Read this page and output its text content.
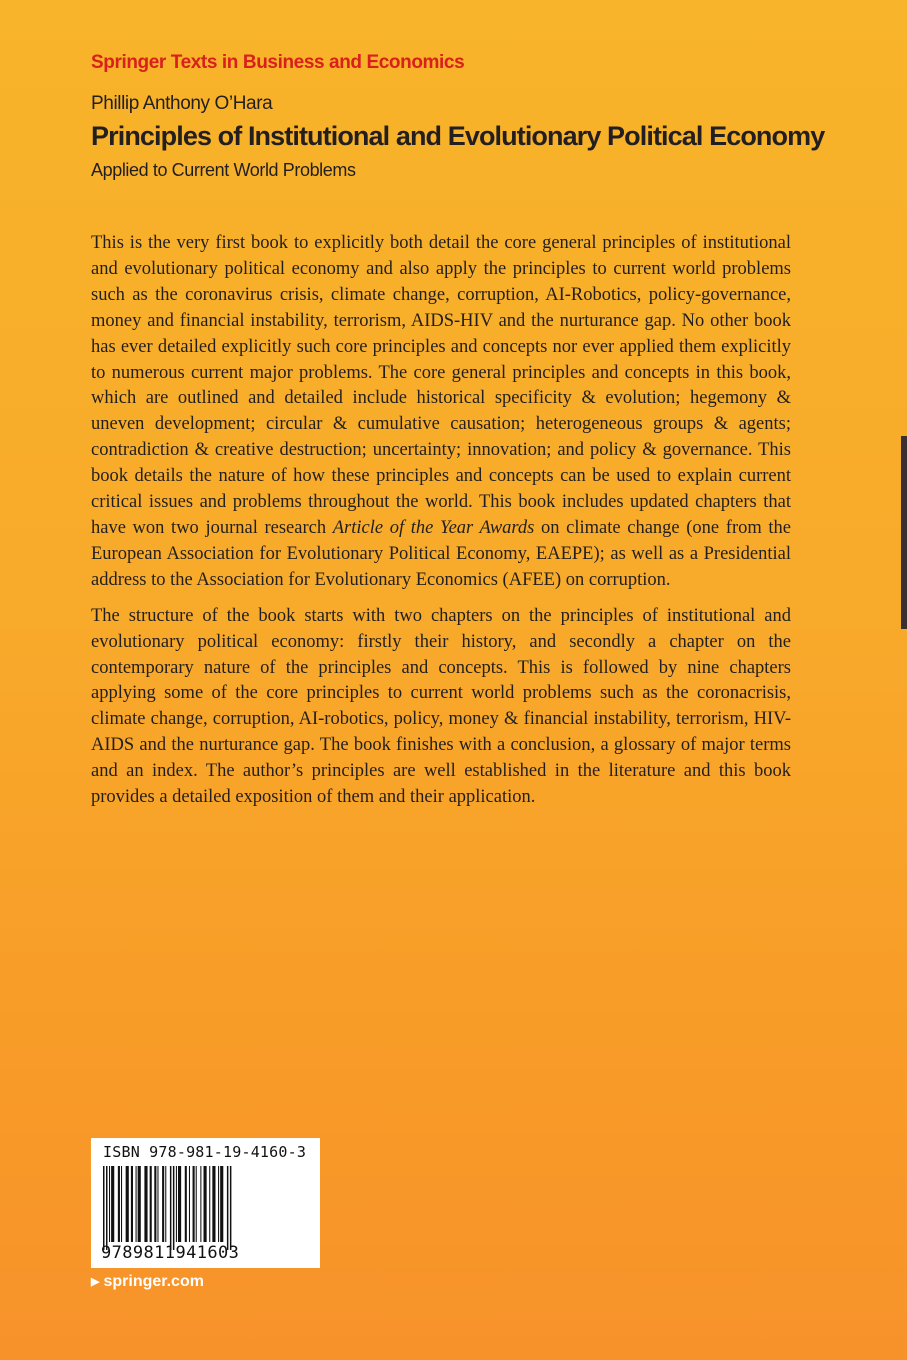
Springer Texts in Business and Economics
Phillip Anthony O’Hara
Principles of Institutional and Evolutionary Political Economy
Applied to Current World Problems

This is the very first book to explicitly both detail the core general principles of institutional and evolutionary political economy and also apply the principles to current world problems such as the coronavirus crisis, climate change, corruption, AI-Robotics, policy-governance, money and financial instability, terrorism, AIDS-HIV and the nurturance gap. No other book has ever detailed explicitly such core principles and concepts nor ever applied them explicitly to numerous current major problems. The core general principles and concepts in this book, which are outlined and detailed include historical specificity & evolution; hegemony & uneven development; circular & cumulative causation; heterogeneous groups & agents; contradiction & creative destruction; uncertainty; innovation; and policy & governance. This book details the nature of how these principles and concepts can be used to explain current critical issues and problems throughout the world. This book includes updated chapters that have won two journal research Article of the Year Awards on climate change (one from the European Association for Evolutionary Political Economy, EAEPE); as well as a Presidential address to the Association for Evolutionary Economics (AFEE) on corruption.

The structure of the book starts with two chapters on the principles of institutional and evolutionary political economy: firstly their history, and secondly a chapter on the contemporary nature of the principles and concepts. This is followed by nine chapters applying some of the core principles to current world problems such as the coronacrisis, climate change, corruption, AI-robotics, policy, money & financial instability, terrorism, HIV-AIDS and the nurturance gap. The book finishes with a conclusion, a glossary of major terms and an index. The author’s principles are well established in the literature and this book provides a detailed exposition of them and their application.

ISBN 978-981-19-4160-3
9789811941603
▶ springer.com
